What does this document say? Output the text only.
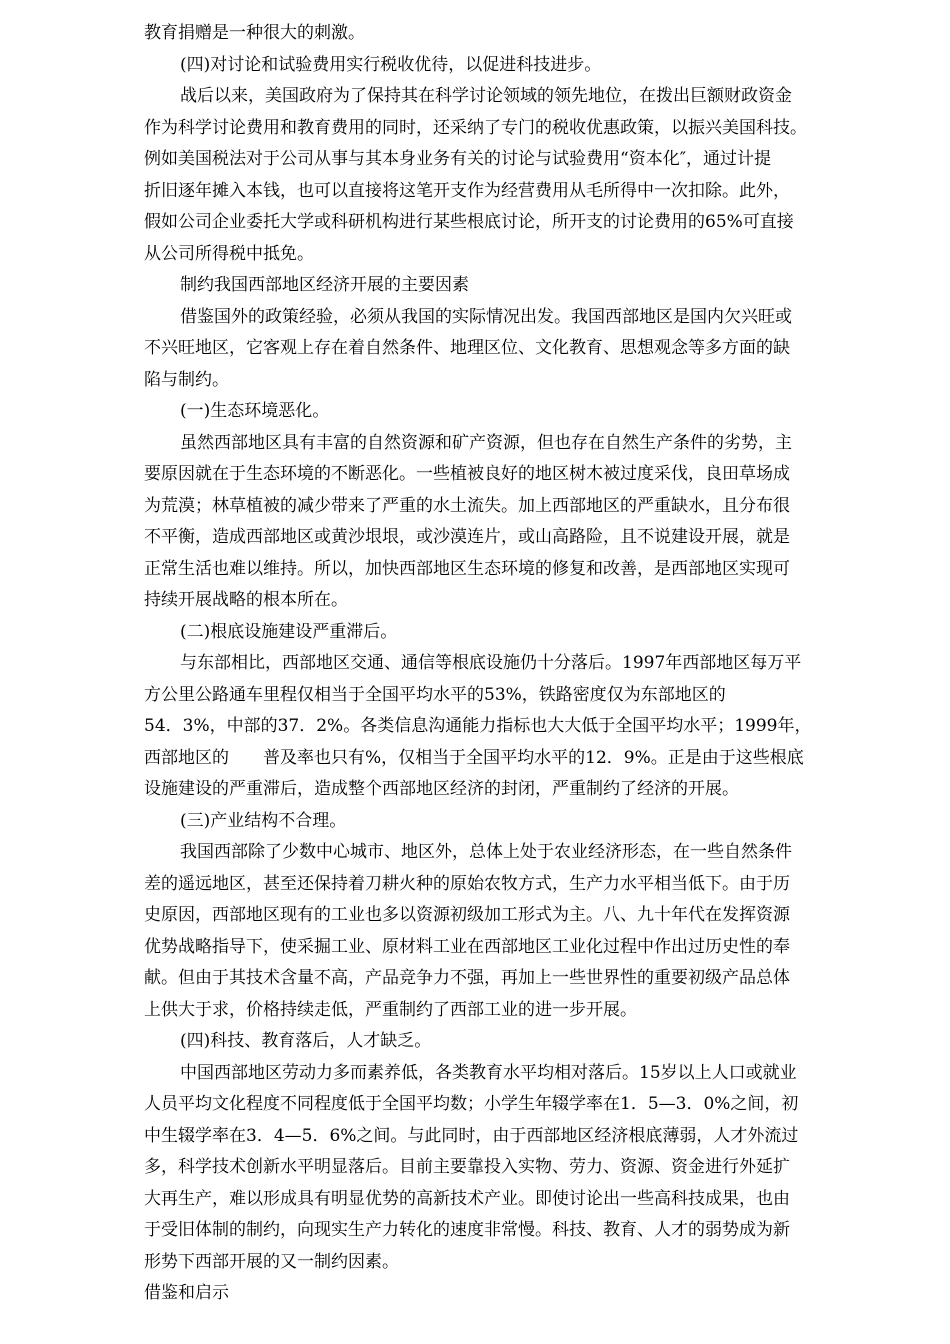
教育捐赠是一种很大的刺激。
(四)对讨论和试验费用实行税收优待，以促进科技进步。
战后以来，美国政府为了保持其在科学讨论领域的领先地位，在拨出巨额财政资金
作为科学讨论费用和教育费用的同时，还采纳了专门的税收优惠政策，以振兴美国科技。
例如美国税法对于公司从事与其本身业务有关的讨论与试验费用“资本化″，通过计提
折旧逐年摊入本钱，也可以直接将这笔开支作为经营费用从毛所得中一次扣除。此外，
假如公司企业委托大学或科研机构进行某些根底讨论，所开支的讨论费用的65%可直接
从公司所得税中抵免。
制约我国西部地区经济开展的主要因素
借鉴国外的政策经验，必须从我国的实际情况出发。我国西部地区是国内欠兴旺或
不兴旺地区，它客观上存在着自然条件、地理区位、文化教育、思想观念等多方面的缺
陷与制约。
(一)生态环境恶化。
虽然西部地区具有丰富的自然资源和矿产资源，但也存在自然生产条件的劣势，主
要原因就在于生态环境的不断恶化。一些植被良好的地区树木被过度采伐，良田草场成
为荒漠；林草植被的减少带来了严重的水土流失。加上西部地区的严重缺水，且分布很
不平衡，造成西部地区或黄沙垠垠，或沙漠连片，或山高路险，且不说建设开展，就是
正常生活也难以维持。所以，加快西部地区生态环境的修复和改善，是西部地区实现可
持续开展战略的根本所在。
(二)根底设施建设严重滞后。
与东部相比，西部地区交通、通信等根底设施仍十分落后。1997年西部地区每万平
方公里公路通车里程仅相当于全国平均水平的53%，铁路密度仅为东部地区的
54．3%，中部的37．2%。各类信息沟通能力指标也大大低于全国平均水平；1999年，
西部地区的　　普及率也只有%，仅相当于全国平均水平的12．9%。正是由于这些根底
设施建设的严重滞后，造成整个西部地区经济的封闭，严重制约了经济的开展。
(三)产业结构不合理。
我国西部除了少数中心城市、地区外，总体上处于农业经济形态，在一些自然条件
差的遥远地区，甚至还保持着刀耕火种的原始农牧方式，生产力水平相当低下。由于历
史原因，西部地区现有的工业也多以资源初级加工形式为主。八、九十年代在发挥资源
优势战略指导下，使采掘工业、原材料工业在西部地区工业化过程中作出过历史性的奉
献。但由于其技术含量不高，产品竞争力不强，再加上一些世界性的重要初级产品总体
上供大于求，价格持续走低，严重制约了西部工业的进一步开展。
(四)科技、教育落后，人才缺乏。
中国西部地区劳动力多而素养低，各类教育水平均相对落后。15岁以上人口或就业
人员平均文化程度不同程度低于全国平均数；小学生年辍学率在1．5—3．0%之间，初
中生辍学率在3．4—5．6%之间。与此同时，由于西部地区经济根底薄弱，人才外流过
多，科学技术创新水平明显落后。目前主要靠投入实物、劳力、资源、资金进行外延扩
大再生产，难以形成具有明显优势的高新技术产业。即使讨论出一些高科技成果，也由
于受旧体制的制约，向现实生产力转化的速度非常慢。科技、教育、人才的弱势成为新
形势下西部开展的又一制约因素。
借鉴和启示
